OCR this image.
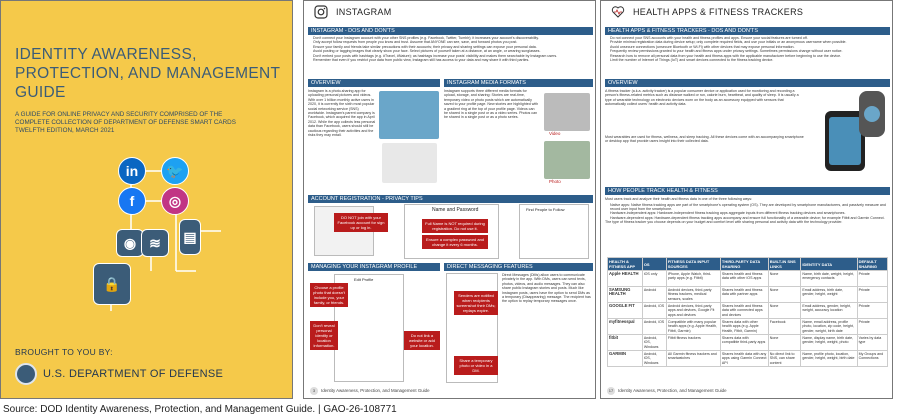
IDENTITY AWARENESS, PROTECTION, AND MANAGEMENT GUIDE
A GUIDE FOR ONLINE PRIVACY AND SECURITY COMPRISED OF THE
COMPLETE COLLECTION OF DEPARTMENT OF DEFENSE SMART CARDS
TWELFTH EDITION, MARCH 2021
in	🐦
f	◎
◉ ≋	▤
🔒
BROUGHT TO YOU BY:
U.S. DEPARTMENT OF DEFENSE
INSTAGRAM
INSTAGRAM - DOS AND DON'TS
• Don't connect your Instagram account with your other SNS profiles (e.g. Facebook, Twitter, Tumblr); it increases your account's discoverability.
• Only accept follow requests from people you know and trust. Assume that ANYONE can see, save, and forward photos you post.
• Ensure your family and friends take similar precautions with their accounts; their privacy and sharing settings can expose your personal data.
• Avoid posting or tagging images that clearly show your face. Select pictures of yourself taken at a distance, at an angle, or wearing sunglasses.
• Don't embed your posts with hashtags (e.g. #Travel, #Nature); as hashtags increase your posts' visibility and makes them searchable by Instagram users.
• Remember that even if you restrict your data from public view, Instagram still has access to your data and may share it with third parties.
OVERVIEW
Instagram is a photo-sharing app for uploading personal pictures and videos. With over 1 billion monthly active users in 2020, it is currently the sixth most popular social networking service (SNS) worldwide. Instagram's parent company is Facebook, which acquired the app in April 2012. While the app collects less personal data than Facebook, users should still be cautious regarding their activities and the risks they may entail.
INSTAGRAM MEDIA FORMATS
Instagram supports three different media formats for upload, storage, and sharing: Stories are real-time, temporary video or photo posts which are automatically saved to your profile page. New stories are highlighted with a gradient ring at the top of your profile page. Videos can be shared in a single post or as a video series. Photos can be shared in a single post or as a photo series.
Video
Photo
ACCOUNT REGISTRATION - PRIVACY TIPS
DO NOT join with your Facebook account for sign up or log in.
Name and Password
Full Name is NOT required during registration. Do not use it.
Ensure a complex password and change it every 6 months.
Find People to Follow
MANAGING YOUR INSTAGRAM PROFILE
Edit Profile
Choose a profile photo that doesn't include you, your family, or friends.
Don't reveal personal identity or location information.
Do not link a website or add your location.
DIRECT MESSAGING FEATURES
Senders are notified when recipients screenshot their DMs; replays expire.
Share a temporary photo or video in a DM.
Direct Messages (DMs) allow users to communicate privately in the app. With DMs, users can send texts, photos, videos, and audio messages. They can also share public Instagram stories and posts. Much like Instagram posts, users have the option to send DMs as a temporary (Disappearing) message. The recipient has the option to replay temporary messages once.
3 Identity Awareness, Protection, and Management Guide
HEALTH APPS & FITNESS TRACKERS
HEALTH APPS & FITNESS TRACKERS - DOS AND DON'TS
• Do not connect your SNS accounts with your health and fitness profiles and apps. Ensure your social features are turned off.
• Provide minimal registration data during device setup; only complete required fields, and use your initials or an anonymous username when possible.
• Avoid unsecure connections (unsecure Bluetooth or Wi-Fi) with other devices that may expose personal information.
• Frequently review permissions granted to your health and fitness apps under privacy settings. Sometimes permissions change without user notice.
• Research how to remove all personal data from your health and fitness apps with the applicable manufacturer before beginning to use the device.
• Limit the number of Internet of Things (IoT) and smart devices connected to the fitness tracking device.
OVERVIEW
A fitness tracker (a.k.a. activity tracker) is a popular consumer device or application used for monitoring and recording a person's fitness-related metrics such as distance walked or run, calorie burn, heartbeat, and quality of sleep. It is usually a type of wearable technology on electronic devices worn on the body as an accessory equipped with sensors that automatically collect users' health and activity data.
Most wearables are used for fitness, wellness, and sleep tracking. All these devices come with an accompanying smartphone or desktop app that provide users insight into their collected data.
HOW PEOPLE TRACK HEALTH & FITNESS

Most users track and analyze their health and fitness data in one of the three following ways:

• Native apps: Native fitness tracking apps are part of the smartphone's operating system (OS). They are developed by smartphone manufacturers, and passively measure and record user input from the smartphone.
• Hardware-independent apps: Hardware-independent fitness tracking apps aggregate inputs from different fitness tracking devices and smartphones.
• Hardware-dependent apps: Hardware-dependent fitness tracking apps accompany and ensure full functionality of a wearable device; for example Fitbit and Garmin Connect.

The type of fitness tracker you choose depends on your budget and comfort level with sharing personal and activity data with the technology provider.

HEALTH & FITNESS APP	OS	FITNESS DATA INPUT SOURCES	THIRD-PARTY DATA SHARING	BUILT-IN SNS LINKS	IDENTITY DATA	DEFAULT SHARING
Apple HEALTH	iOS only	iPhone, Apple Watch, third-party apps (e.g. Fitbit)	Shares health and fitness data with other iOS apps	None	Name, birth date, weight, height, emergency contacts	Private
SAMSUNG HEALTH	Android	Android devices, third-party fitness trackers, medical sensors, scales	Shares health and fitness data with partner apps	None	Email address, birth date, gender, height, weight	Private
GOOGLE FIT	Android, iOS	Android devices, third-party apps and devices, Google Fit apps and devices	Shares health and fitness data with connected apps and devices	None	Email address, gender, height, weight, accuracy location	Private
myfitnesspal	Android, iOS	Compatible with many popular health apps (e.g. Apple Health, Fitbit, Garmin)	Shares data with other health apps (e.g. Apple Health, Fitbit, Garmin)	Facebook	Name, email address, profile photo, location, zip code, height, gender, weight, birth date	Private
fitbit	Android, iOS, Windows	Fitbit fitness trackers	Shares data with compatible third-party apps	None	Name, display name, birth date, gender, height, weight, photo	Varies by data type
GARMIN	Android, iOS, Windows	All Garmin fitness trackers and smartwatches	Shares health data with any apps using Garmin Connect API	No direct link to SNS, can share content	Name, profile photo, location, gender, height, weight, birth date	My Groups and Connections
17 Identity Awareness, Protection, and Management Guide
Source: DOD Identity Awareness, Protection, and Management Guide. | GAO-26-108771
